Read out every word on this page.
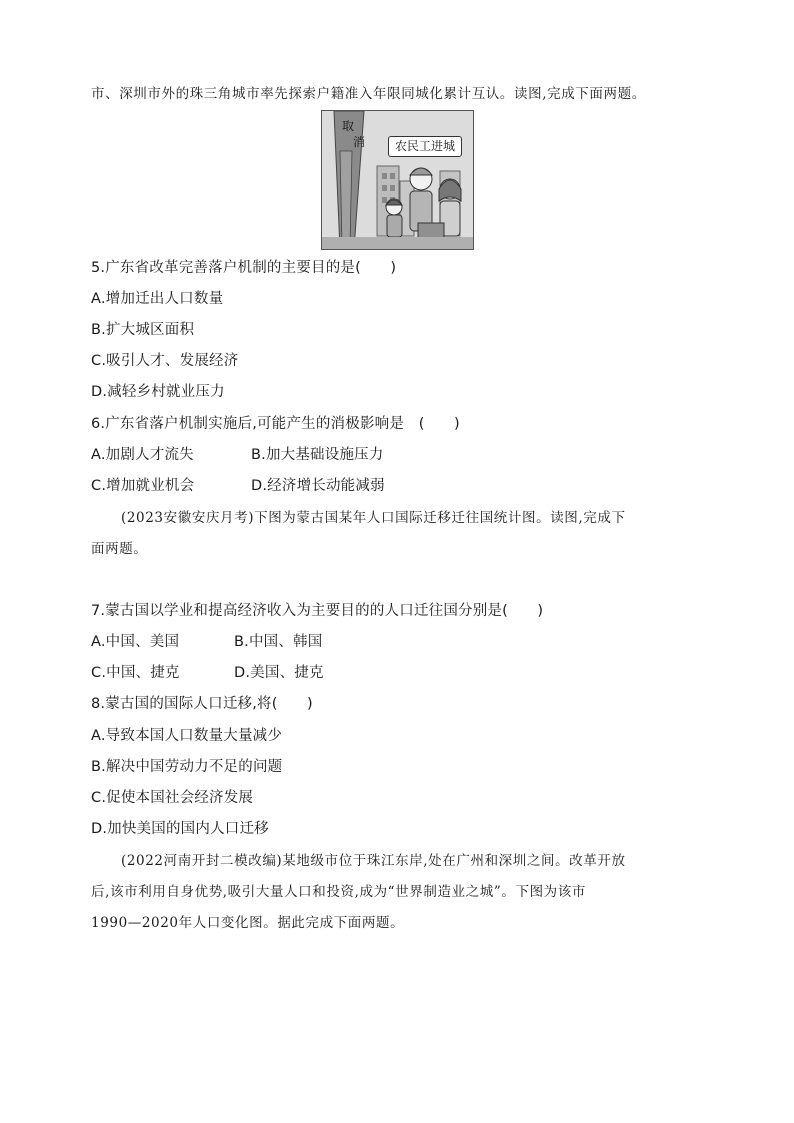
市、深圳市外的珠三角城市率先探索户籍准入年限同城化累计互认。读图,完成下面两题。
取
消	农民工进城
5.广东省改革完善落户机制的主要目的是(　　)
A.增加迁出人口数量
B.扩大城区面积
C.吸引人才、发展经济
D.减轻乡村就业压力
6.广东省落户机制实施后,可能产生的消极影响是　(　　)
A.加剧人才流失	B.加大基础设施压力
C.增加就业机会	D.经济增长动能减弱
(2023安徽安庆月考)下图为蒙古国某年人口国际迁移迁往国统计图。读图,完成下
面两题。
7.蒙古国以学业和提高经济收入为主要目的的人口迁往国分别是(　　)
A.中国、美国	B.中国、韩国
C.中国、捷克	D.美国、捷克
8.蒙古国的国际人口迁移,将(　　)
A.导致本国人口数量大量减少
B.解决中国劳动力不足的问题
C.促使本国社会经济发展
D.加快美国的国内人口迁移
(2022河南开封二模改编)某地级市位于珠江东岸,处在广州和深圳之间。改革开放
后,该市利用自身优势,吸引大量人口和投资,成为“世界制造业之城”。下图为该市
1990—2020年人口变化图。据此完成下面两题。
